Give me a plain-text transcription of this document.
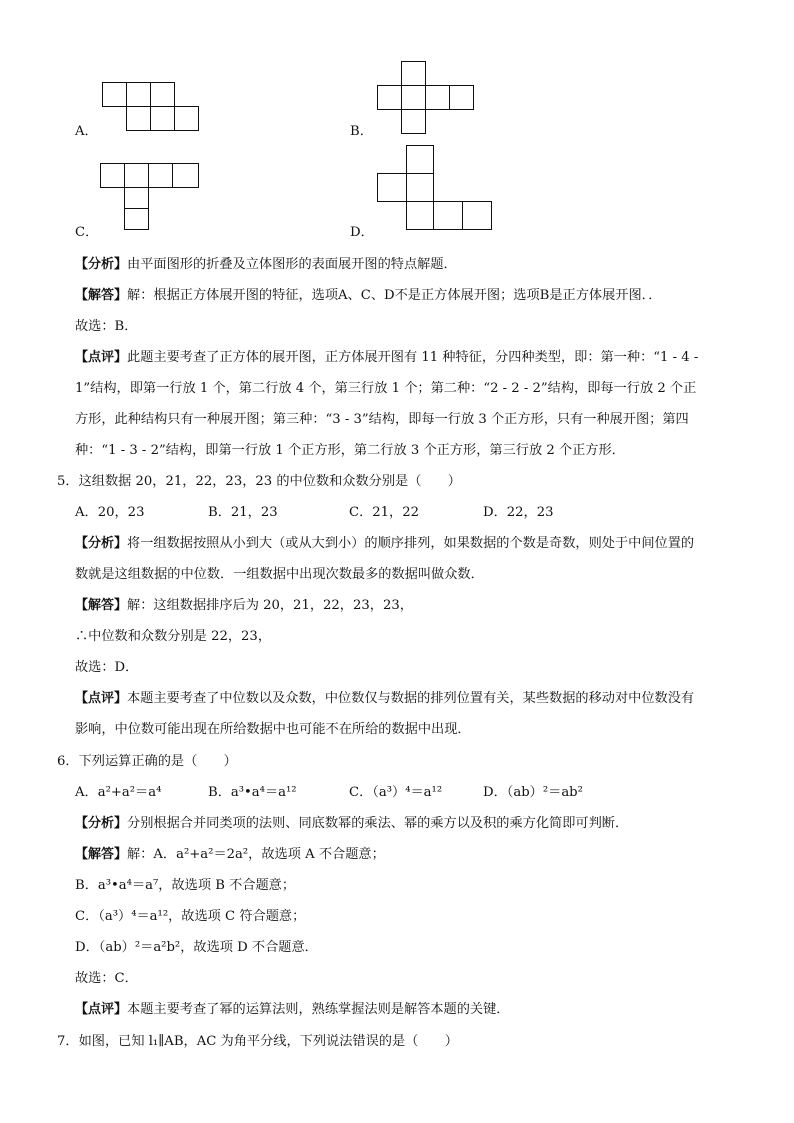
A．	B．
C．	D．
【分析】由平面图形的折叠及立体图形的表面展开图的特点解题．
【解答】解：根据正方体展开图的特征，选项A、C、D不是正方体展开图；选项B是正方体展开图．．
故选：B．
【点评】此题主要考查了正方体的展开图，正方体展开图有 11 种特征，分四种类型，即：第一种：“1 - 4 -
1”结构，即第一行放 1 个，第二行放 4 个，第三行放 1 个；第二种：“2 - 2 - 2”结构，即每一行放 2 个正
方形，此种结构只有一种展开图；第三种：“3 - 3”结构，即每一行放 3 个正方形，只有一种展开图；第四
种：“1 - 3 - 2”结构，即第一行放 1 个正方形，第二行放 3 个正方形，第三行放 2 个正方形．
5．这组数据 20，21，22，23，23 的中位数和众数分别是（　　）
A．20，23	B．21，23	C．21，22	D．22，23
【分析】将一组数据按照从小到大（或从大到小）的顺序排列，如果数据的个数是奇数，则处于中间位置的
数就是这组数据的中位数．一组数据中出现次数最多的数据叫做众数．
【解答】解：这组数据排序后为 20，21，22，23，23，
∴中位数和众数分别是 22，23，
故选：D．
【点评】本题主要考查了中位数以及众数，中位数仅与数据的排列位置有关，某些数据的移动对中位数没有
影响，中位数可能出现在所给数据中也可能不在所给的数据中出现．
6．下列运算正确的是（　　）
A．a²+a²＝a⁴	B．a³•a⁴＝a¹²	C．（a³）⁴＝a¹²	D．（ab）²＝ab²
【分析】分别根据合并同类项的法则、同底数幂的乘法、幂的乘方以及积的乘方化简即可判断．
【解答】解：A．a²+a²＝2a²，故选项 A 不合题意；
B．a³•a⁴＝a⁷，故选项 B 不合题意；
C．（a³）⁴＝a¹²，故选项 C 符合题意；
D．（ab）²＝a²b²，故选项 D 不合题意．
故选：C．
【点评】本题主要考查了幂的运算法则，熟练掌握法则是解答本题的关键．
7．如图，已知 l₁∥AB，AC 为角平分线，下列说法错误的是（　　）
